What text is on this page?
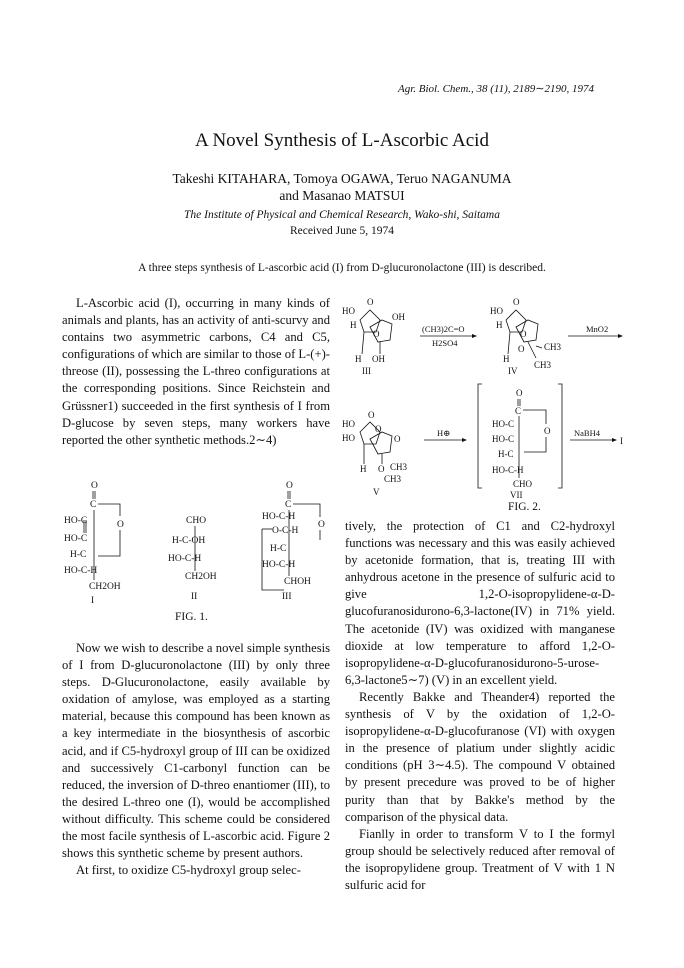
Agr. Biol. Chem., 38 (11), 2189∼2190, 1974
A Novel Synthesis of L-Ascorbic Acid
Takeshi KITAHARA, Tomoya OGAWA, Teruo NAGANUMA
and Masanao MATSUI
The Institute of Physical and Chemical Research, Wako-shi, Saitama
Received June 5, 1974
A three steps synthesis of L-ascorbic acid (I) from D-glucuronolactone (III) is described.

L-Ascorbic acid (I), occurring in many kinds of animals and plants, has an activity of anti-scurvy and contains two asymmetric carbons, C4 and C5, configurations of which are similar to those of L-(+)-threose (II), possessing the L-threo configurations at the corresponding positions. Since Reichstein and Grüssner1) succeeded in the first synthesis of I from D-glucose by seven steps, many workers have reported the other synthetic methods.2∼4)

O
C
HO-C
HO-C
H-C
HO-C-H
CH2OH
O
I
CHO
H-C-OH
HO-C-H
CH2OH
II
O
C
HO-C-H
O-C-H
H-C
HO-C-H
CHOH
O
III
FIG. 1.

Now we wish to describe a novel simple synthesis of I from D-glucuronolactone (III) by only three steps. D-Glucuronolactone, easily available by oxidation of amylose, was employed as a starting material, because this compound has been known as a key intermediate in the biosynthesis of ascorbic acid, and if C5-hydroxyl group of III can be oxidized and successively C1-carbonyl function can be reduced, the inversion of D-threo enantiomer (III), to the desired L-threo one (I), would be accomplished without difficulty. This scheme could be considered the most facile synthesis of L-ascorbic acid. Figure 2 shows this synthetic scheme by present authors.

At first, to oxidize C5-hydroxyl group selec-

HO
O
OH
H
O
H OH
III
(CH3)2C=O
H2SO4
HO
O
H
O
O CH3
H
CH3
IV
MnO2
HO
HO
O
O
O
H O CH3
CH3
V
H⊕
O
C
HO-C
HO-C
O
H-C
HO-C-H
CHO
VII
NaBH4
I
FIG. 2.

tively, the protection of C1 and C2-hydroxyl functions was necessary and this was easily achieved by acetonide formation, that is, treating III with anhydrous acetone in the presence of sulfuric acid to give 1,2-O-isopropylidene-α-D-glucofuranosidurono-6,3-lactone(IV) in 71% yield. The acetonide (IV) was oxidized with manganese dioxide at low temperature to afford 1,2-O-isopropylidene-α-D-glucofuranosidurono-5-urose-6,3-lactone5∼7) (V) in an excellent yield.

Recently Bakke and Theander4) reported the synthesis of V by the oxidation of 1,2-O-isopropylidene-α-D-glucofuranose (VI) with oxygen in the presence of platium under slightly acidic conditions (pH 3∼4.5). The compound V obtained by present precedure was proved to be of higher purity than that by Bakke's method by the comparison of the physical data.

Fianlly in order to transform V to I the formyl group should be selectively reduced after removal of the isopropylidene group. Treatment of V with 1 N sulfuric acid for
